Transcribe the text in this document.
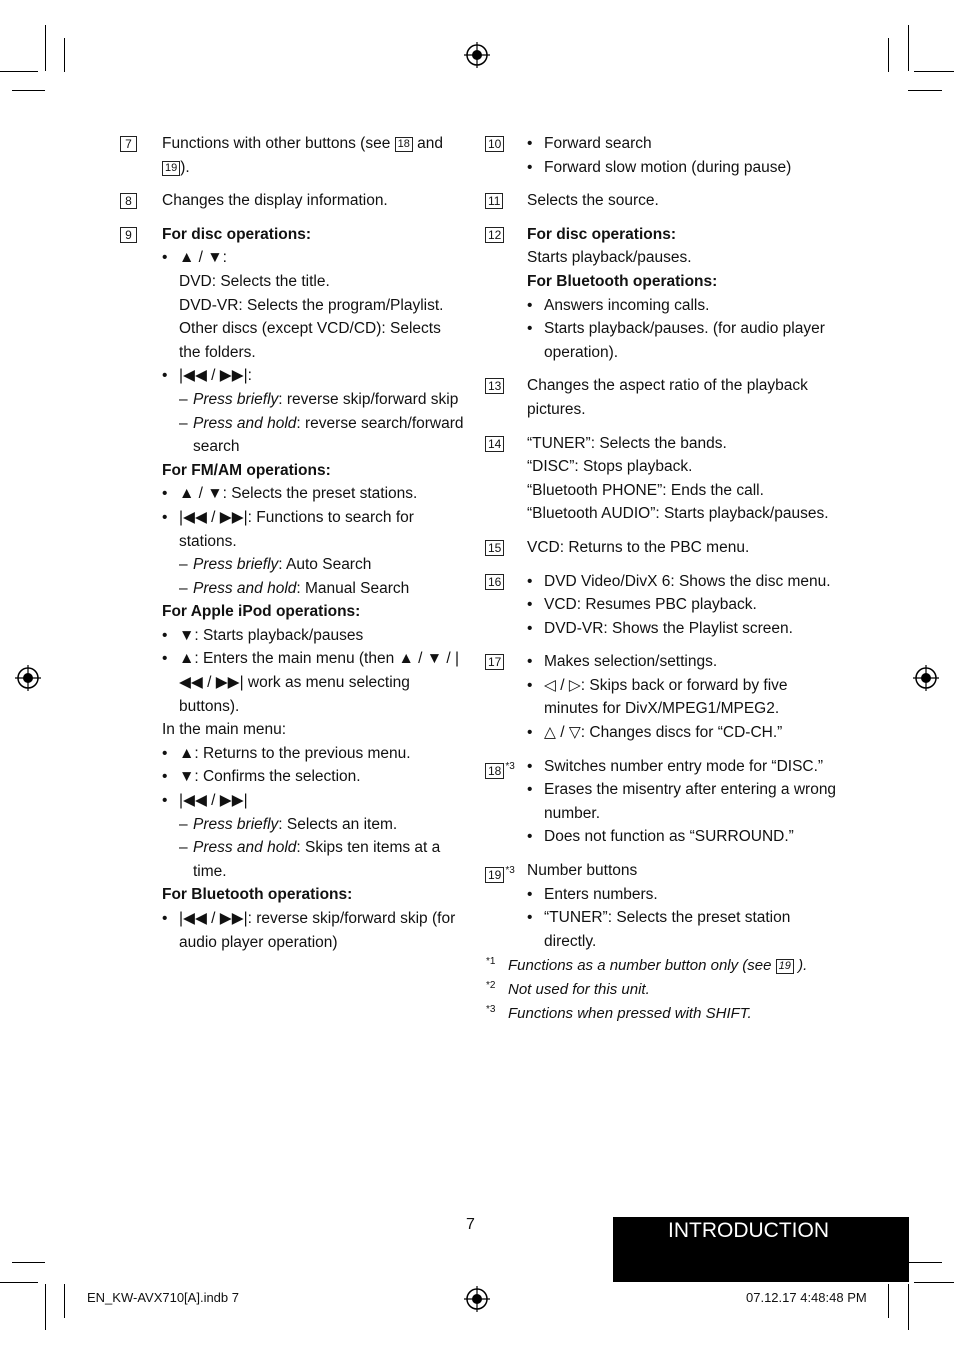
7	Functions with other buttons (see 18 and 19 ).
8	Changes the display information.
9	For disc operations:
• ▲ / ▼:
DVD: Selects the title.
DVD-VR: Selects the program/Playlist.
Other discs (except VCD/CD): Selects the folders.
• |◀◀ / ▶▶|:
– Press briefly: reverse skip/forward skip
– Press and hold: reverse search/forward search
For FM/AM operations:
• ▲ / ▼: Selects the preset stations.
• |◀◀ / ▶▶|: Functions to search for stations.
– Press briefly: Auto Search
– Press and hold: Manual Search
For Apple iPod operations:
• ▼: Starts playback/pauses
• ▲: Enters the main menu (then ▲ / ▼ / |◀◀ / ▶▶| work as menu selecting buttons).
In the main menu:
• ▲: Returns to the previous menu.
• ▼: Confirms the selection.
• |◀◀ / ▶▶|
– Press briefly: Selects an item.
– Press and hold: Skips ten items at a time.
For Bluetooth operations:
• |◀◀ / ▶▶|: reverse skip/forward skip (for audio player operation)
10	• Forward search
• Forward slow motion (during pause)
11	Selects the source.
12	For disc operations:
Starts playback/pauses.
For Bluetooth operations:
• Answers incoming calls.
• Starts playback/pauses. (for audio player operation).
13	Changes the aspect ratio of the playback pictures.
14	“TUNER”: Selects the bands.
“DISC”: Stops playback.
“Bluetooth PHONE”: Ends the call.
“Bluetooth AUDIO”: Starts playback/pauses.
15	VCD: Returns to the PBC menu.
16	• DVD Video/DivX 6: Shows the disc menu.
• VCD: Resumes PBC playback.
• DVD-VR: Shows the Playlist screen.
17	• Makes selection/settings.
• ◁ / ▷: Skips back or forward by five minutes for DivX/MPEG1/MPEG2.
• △ / ▽: Changes discs for “CD-CH.”
18 $^{*3}$	• Switches number entry mode for “DISC.”
• Erases the misentry after entering a wrong number.
• Does not function as “SURROUND.”
19 $^{*3}$ Number buttons
• Enters numbers.
• “TUNER”: Selects the preset station directly.
*1 Functions as a number button only (see 19 ).
*2 Not used for this unit.
*3 Functions when pressed with SHIFT.
7	INTRODUCTION
EN_KW-AVX710[A].indb 7	07.12.17 4:48:48 PM
